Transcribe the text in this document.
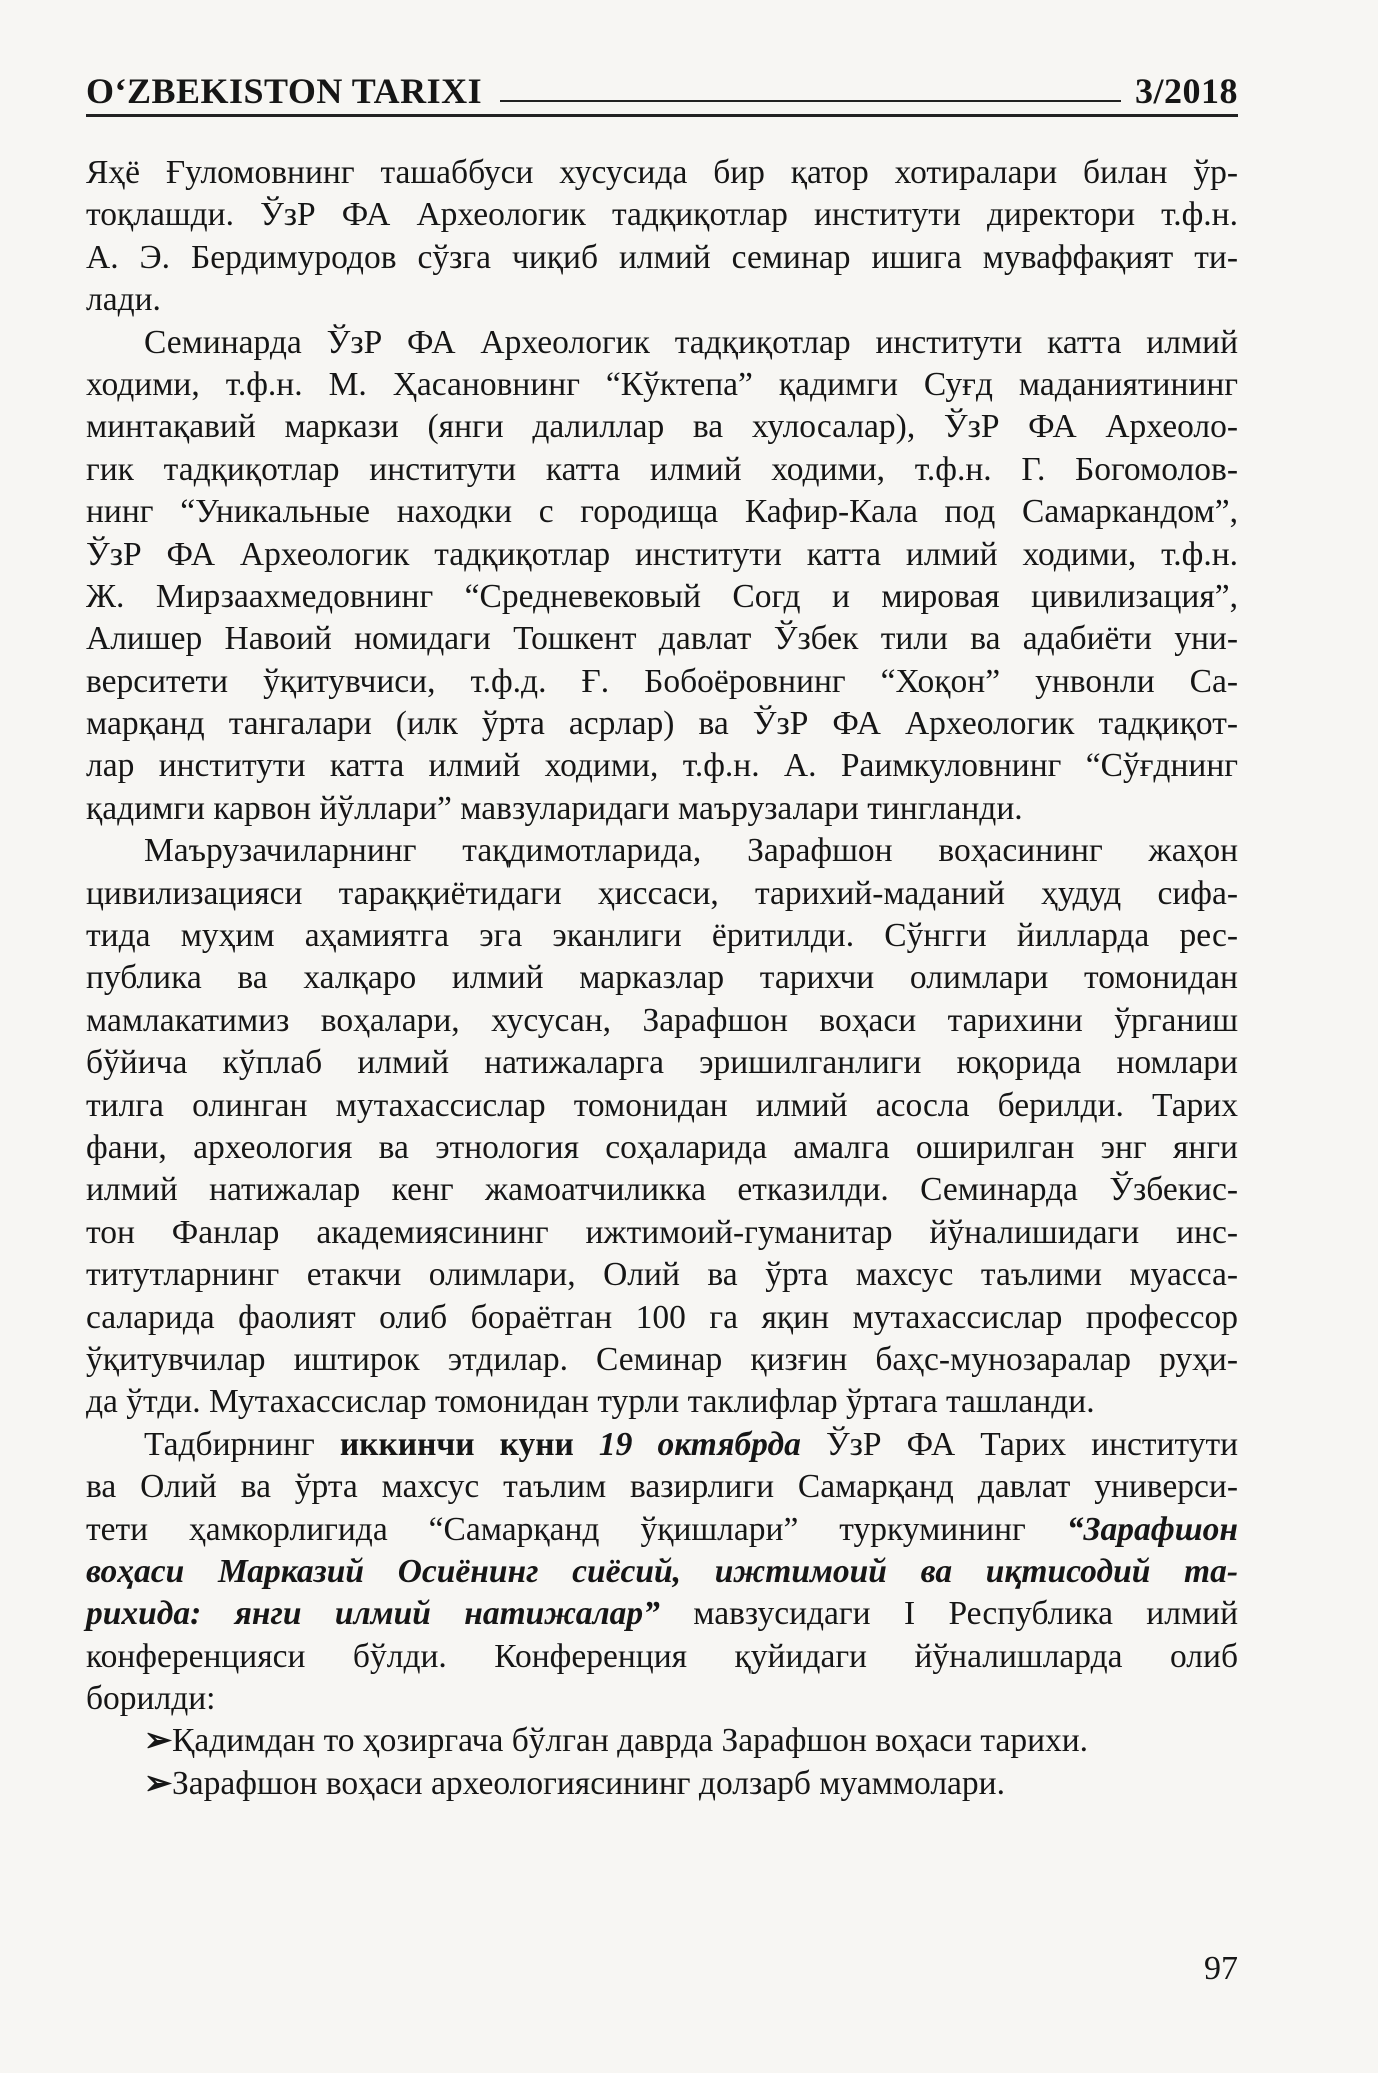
O‘ZBEKISTON TARIXI	3/2018
Яҳё Ғуломовнинг ташаббуси хусусида бир қатор хотиралари билан ўр-
тоқлашди. ЎзР ФА Археологик тадқиқотлар институти директори т.ф.н.
А. Э. Бердимуродов сўзга чиқиб илмий семинар ишига муваффақият ти-
лади.
Семинарда ЎзР ФА Археологик тадқиқотлар институти катта илмий
ходими, т.ф.н. М. Ҳасановнинг “Кўктепа” қадимги Суғд маданиятининг
минтақавий маркази (янги далиллар ва хулосалар), ЎзР ФА Археоло-
гик тадқиқотлар институти катта илмий ходими, т.ф.н. Г. Богомолов-
нинг “Уникальные находки с городища Кафир-Кала под Самаркандом”,
ЎзР ФА Археологик тадқиқотлар институти катта илмий ходими, т.ф.н.
Ж. Мирзаахмедовнинг “Средневековый Согд и мировая цивилизация”,
Алишер Навоий номидаги Тошкент давлат Ўзбек тили ва адабиёти уни-
верситети ўқитувчиси, т.ф.д. Ғ. Бобоёровнинг “Хоқон” унвонли Са-
марқанд тангалари (илк ўрта асрлар) ва ЎзР ФА Археологик тадқиқот-
лар институти катта илмий ходими, т.ф.н. А. Раимкуловнинг “Сўғднинг
қадимги карвон йўллари” мавзуларидаги маърузалари тингланди.
Маърузачиларнинг тақдимотларида, Зарафшон воҳасининг жаҳон
цивилизацияси тараққиётидаги ҳиссаси, тарихий-маданий ҳудуд сифа-
тида муҳим аҳамиятга эга эканлиги ёритилди. Сўнгги йилларда рес-
публика ва халқаро илмий марказлар тарихчи олимлари томонидан
мамлакатимиз воҳалари, хусусан, Зарафшон воҳаси тарихини ўрганиш
бўйича кўплаб илмий натижаларга эришилганлиги юқорида номлари
тилга олинган мутахассислар томонидан илмий асосла берилди. Тарих
фани, археология ва этнология соҳаларида амалга оширилган энг янги
илмий натижалар кенг жамоатчиликка етказилди. Семинарда Ўзбекис-
тон Фанлар академиясининг ижтимоий-гуманитар йўналишидаги инс-
титутларнинг етакчи олимлари, Олий ва ўрта махсус таълими муасса-
саларида фаолият олиб бораётган 100 га яқин мутахассислар профессор
ўқитувчилар иштирок этдилар. Семинар қизғин баҳс-мунозаралар руҳи-
да ўтди. Мутахассислар томонидан турли таклифлар ўртага ташланди.
Тадбирнинг иккинчи куни 19 октябрда ЎзР ФА Тарих институти
ва Олий ва ўрта махсус таълим вазирлиги Самарқанд давлат универси-
тети ҳамкорлигида “Самарқанд ўқишлари” туркумининг “Зарафшон
воҳаси Марказий Осиёнинг сиёсий, ижтимоий ва иқтисодий та-
рихида: янги илмий натижалар” мавзусидаги I Республика илмий
конференцияси бўлди. Конференция қуйидаги йўналишларда олиб
борилди:
➢Қадимдан то ҳозиргача бўлган даврда Зарафшон воҳаси тарихи.
➢Зарафшон воҳаси археологиясининг долзарб муаммолари.
97
